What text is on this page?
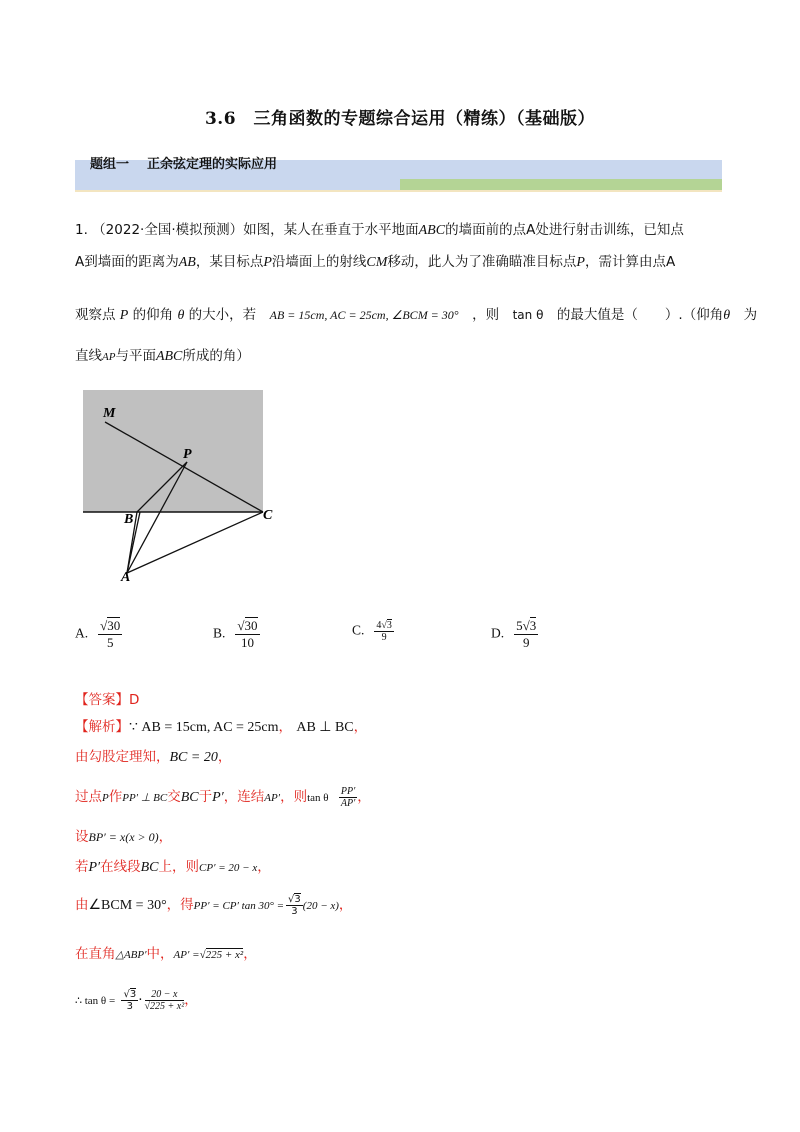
3.6　三角函数的专题综合运用（精练）（基础版）
题组一 正余弦定理的实际应用
1. （2022·全国·模拟预测）如图，某人在垂直于水平地面ABC的墙面前的点A处进行射击训练，已知点
A到墙面的距离为AB，某目标点P沿墙面上的射线CM移动，此人为了准确瞄准目标点P，需计算由点A
观察点 P 的仰角 θ 的大小，若　 AB = 15cm, AC = 25cm, ∠BCM = 30°　 ，则　 tan θ　 的最大值是（　　）.（仰角θ　 为
直线AP与平面ABC所成的角）
M
P
B	C
A
A. $\frac{√30}{5}$	B. $\frac{√30}{10}$	C. $\frac{4√3}{9}$	D. $\frac{5√3}{9}$
【答案】D
【解析】∵ AB = 15cm, AC = 25cm， AB ⊥ BC，
由勾股定理知，BC = 20，
过点P作PP′ ⊥ BC交BC于P′，连结AP′，则tan θ $\frac{PP'}{AP'}$ ，
设BP′ = x(x > 0)，
若P′在线段BC上，则CP′ = 20 − x，
由∠BCM = 30°，得PP′ = CP′ $\tan 30^\circ = \frac{√3}{3} (20 - x)$，
在直角△ABP′中，AP′ =√225 + x²，
∴ $\tan \theta = \frac{√3}{3} \cdot \frac{20 - x}{\text{√225 + x²}}$ ，
